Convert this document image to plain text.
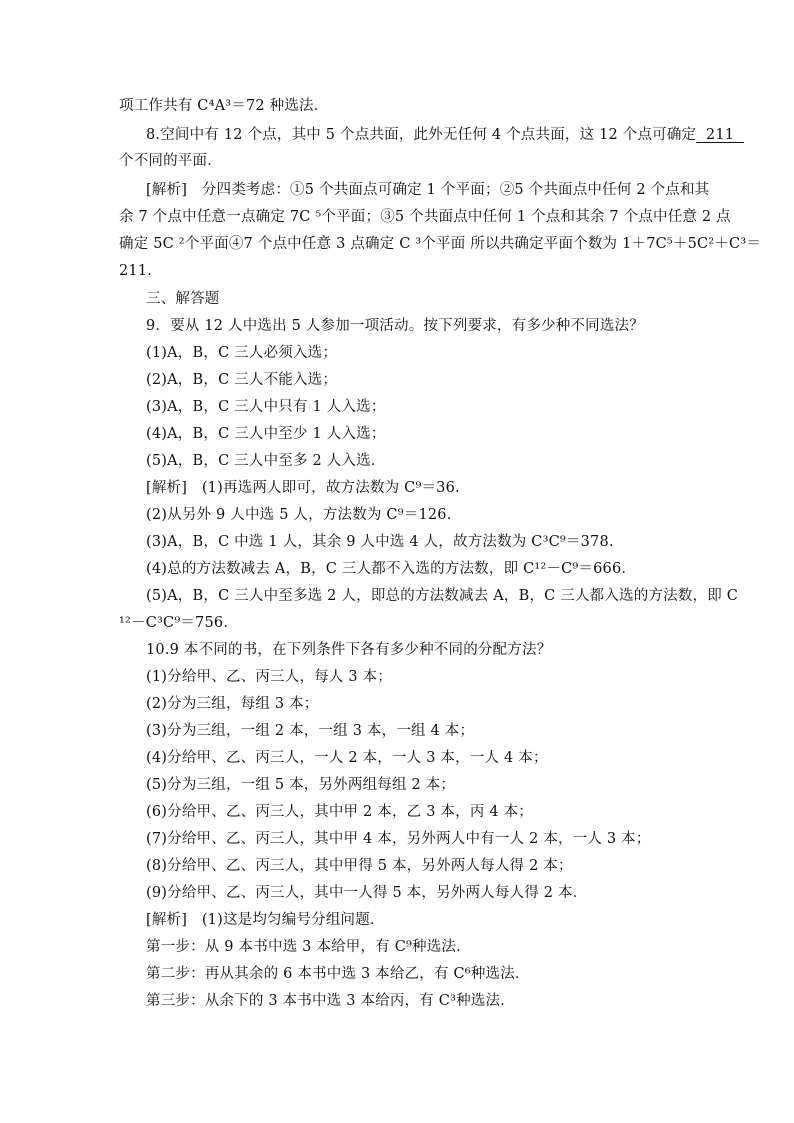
项工作共有 C⁴A³＝72 种选法．
8.空间中有 12 个点，其中 5 个点共面，此外无任何 4 个点共面，这 12 个点可确定 211
个不同的平面．
[解析]　分四类考虑：①5 个共面点可确定 1 个平面；②5 个共面点中任何 2 个点和其
余 7 个点中任意一点确定 7C ⁵个平面；③5 个共面点中任何 1 个点和其余 7 个点中任意 2 点
确定 5C ²个平面④7 个点中任意 3 点确定 C ³个平面 所以共确定平面个数为 1＋7C⁵＋5C²＋C³＝
211.
三、解答题
9．要从 12 人中选出 5 人参加一项活动。按下列要求，有多少种不同选法？
(1)A，B，C 三人必须入选；
(2)A，B，C 三人不能入选；
(3)A，B，C 三人中只有 1 人入选；
(4)A，B，C 三人中至少 1 人入选；
(5)A，B，C 三人中至多 2 人入选．
[解析]　(1)再选两人即可，故方法数为 C⁹＝36.
(2)从另外 9 人中选 5 人，方法数为 C⁹＝126.
(3)A，B，C 中选 1 人，其余 9 人中选 4 人，故方法数为 C³C⁹＝378.
(4)总的方法数减去 A，B，C 三人都不入选的方法数，即 C¹²－C⁹＝666.
(5)A，B，C 三人中至多选 2 人，即总的方法数减去 A，B，C 三人都入选的方法数，即 C
¹²－C³C⁹＝756.
10.9 本不同的书，在下列条件下各有多少种不同的分配方法？
(1)分给甲、乙、丙三人，每人 3 本；
(2)分为三组，每组 3 本；
(3)分为三组，一组 2 本，一组 3 本，一组 4 本；
(4)分给甲、乙、丙三人，一人 2 本，一人 3 本，一人 4 本；
(5)分为三组，一组 5 本，另外两组每组 2 本；
(6)分给甲、乙、丙三人，其中甲 2 本，乙 3 本，丙 4 本；
(7)分给甲、乙、丙三人，其中甲 4 本，另外两人中有一人 2 本，一人 3 本；
(8)分给甲、乙、丙三人，其中甲得 5 本，另外两人每人得 2 本；
(9)分给甲、乙、丙三人，其中一人得 5 本，另外两人每人得 2 本．
[解析]　(1)这是均匀编号分组问题．
第一步：从 9 本书中选 3 本给甲，有 C⁹种选法．
第二步：再从其余的 6 本书中选 3 本给乙，有 C⁶种选法．
第三步：从余下的 3 本书中选 3 本给丙，有 C³种选法．
